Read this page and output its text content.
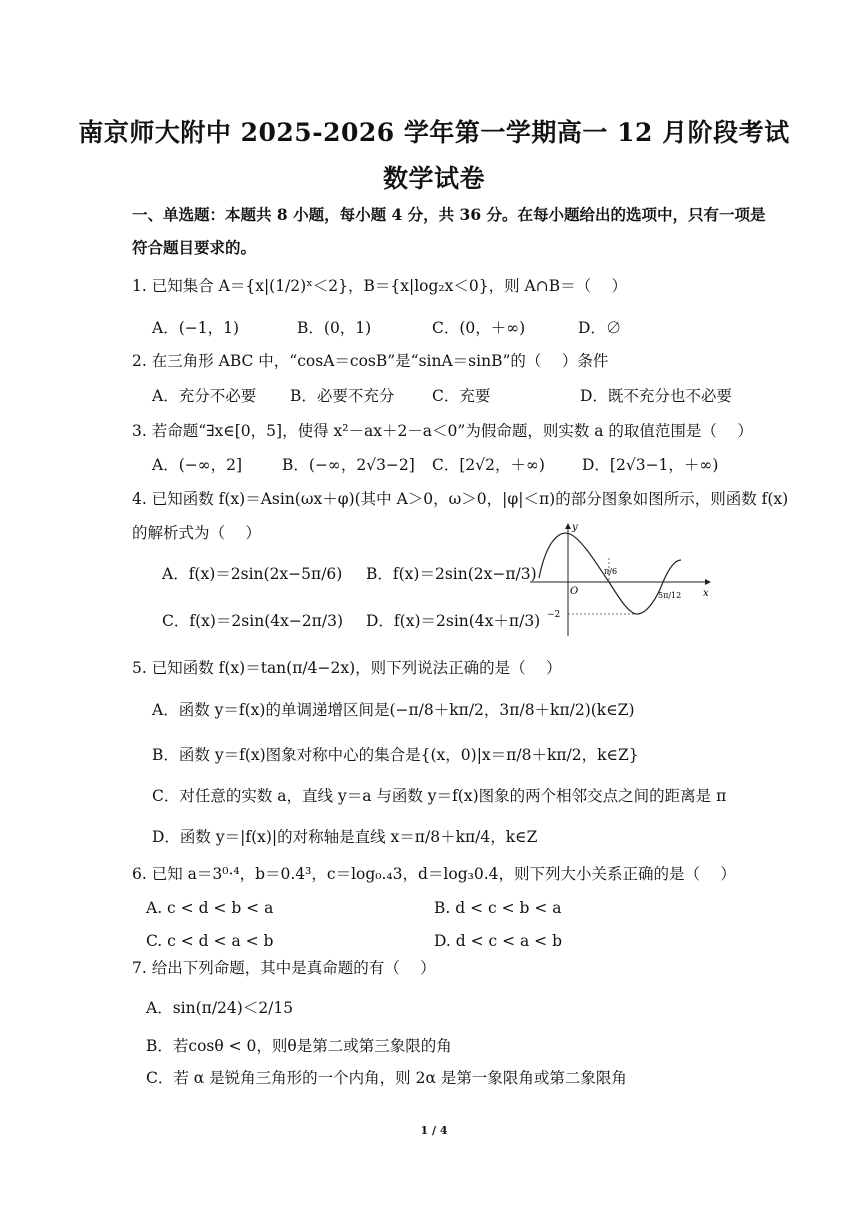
南京师大附中 2025-2026 学年第一学期高一 12 月阶段考试
数学试卷
一、单选题：本题共 8 小题，每小题 4 分，共 36 分。在每小题给出的选项中，只有一项是
符合题目要求的。
1. 已知集合 A＝{x|(1/2)ˣ＜2}，B＝{x|log₂x＜0}，则 A∩B＝（　 ）
A．(−1，1)	B．(0，1)	C．(0，＋∞)	D．∅
2. 在三角形 ABC 中，“cosA＝cosB”是“sinA＝sinB”的（　 ）条件
A．充分不必要 B．必要不充分 C．充要	D．既不充分也不必要
3. 若命题“∃x∈[0，5]，使得 x²－ax＋2－a＜0”为假命题，则实数 a 的取值范围是（　 ）
A．(−∞，2]	B．(−∞，2√3−2] C．[2√2，＋∞) D．[2√3−1，＋∞)
4. 已知函数 f(x)＝Asin(ωx＋φ)(其中 A＞0，ω＞0，|φ|＜π)的部分图象如图所示，则函数 f(x)
的解析式为（　 ）
A．f(x)＝2sin(2x−5π/6) B．f(x)＝2sin(2x−π/3)
C．f(x)＝2sin(4x−2π/3) D．f(x)＝2sin(4x＋π/3)
y
x
O
π/6
5π/12
−2
5. 已知函数 f(x)＝tan(π/4−2x)，则下列说法正确的是（　 ）
A．函数 y＝f(x)的单调递增区间是(−π/8＋kπ/2，3π/8＋kπ/2)(k∈Z)
B．函数 y＝f(x)图象对称中心的集合是{(x，0)|x＝π/8＋kπ/2，k∈Z}
C．对任意的实数 a，直线 y＝a 与函数 y＝f(x)图象的两个相邻交点之间的距离是 π
D．函数 y＝|f(x)|的对称轴是直线 x＝π/8＋kπ/4，k∈Z
6. 已知 a＝3⁰·⁴，b＝0.4³，c＝log₀.₄3，d＝log₃0.4，则下列大小关系正确的是（　 ）
A. c < d < b < a	B. d < c < b < a
C. c < d < a < b	D. d < c < a < b
7. 给出下列命题，其中是真命题的有（　 ）
A．sin(π/24)＜2/15
B．若cosθ < 0，则θ是第二或第三象限的角
C．若 α 是锐角三角形的一个内角，则 2α 是第一象限角或第二象限角
1 / 4
